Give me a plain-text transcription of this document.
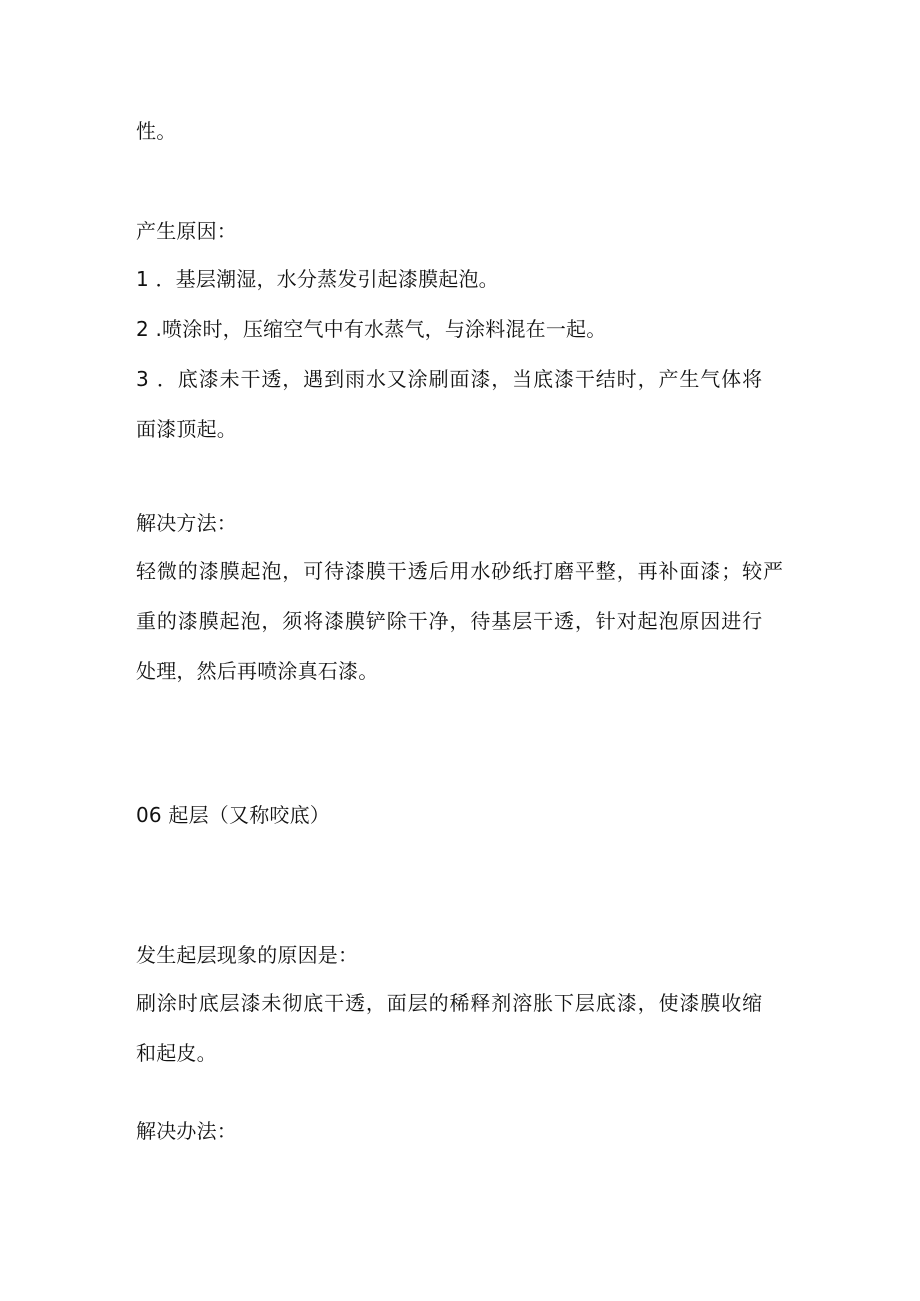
性。
产生原因：
1 ．基层潮湿，水分蒸发引起漆膜起泡。
2 .喷涂时，压缩空气中有水蒸气，与涂料混在一起。
3 ．底漆未干透，遇到雨水又涂刷面漆，当底漆干结时，产生气体将
面漆顶起。
解决方法：
轻微的漆膜起泡，可待漆膜干透后用水砂纸打磨平整，再补面漆；较严
重的漆膜起泡，须将漆膜铲除干净，待基层干透，针对起泡原因进行
处理，然后再喷涂真石漆。
06 起层（又称咬底）
发生起层现象的原因是：
刷涂时底层漆未彻底干透，面层的稀释剂溶胀下层底漆，使漆膜收缩
和起皮。
解决办法：
